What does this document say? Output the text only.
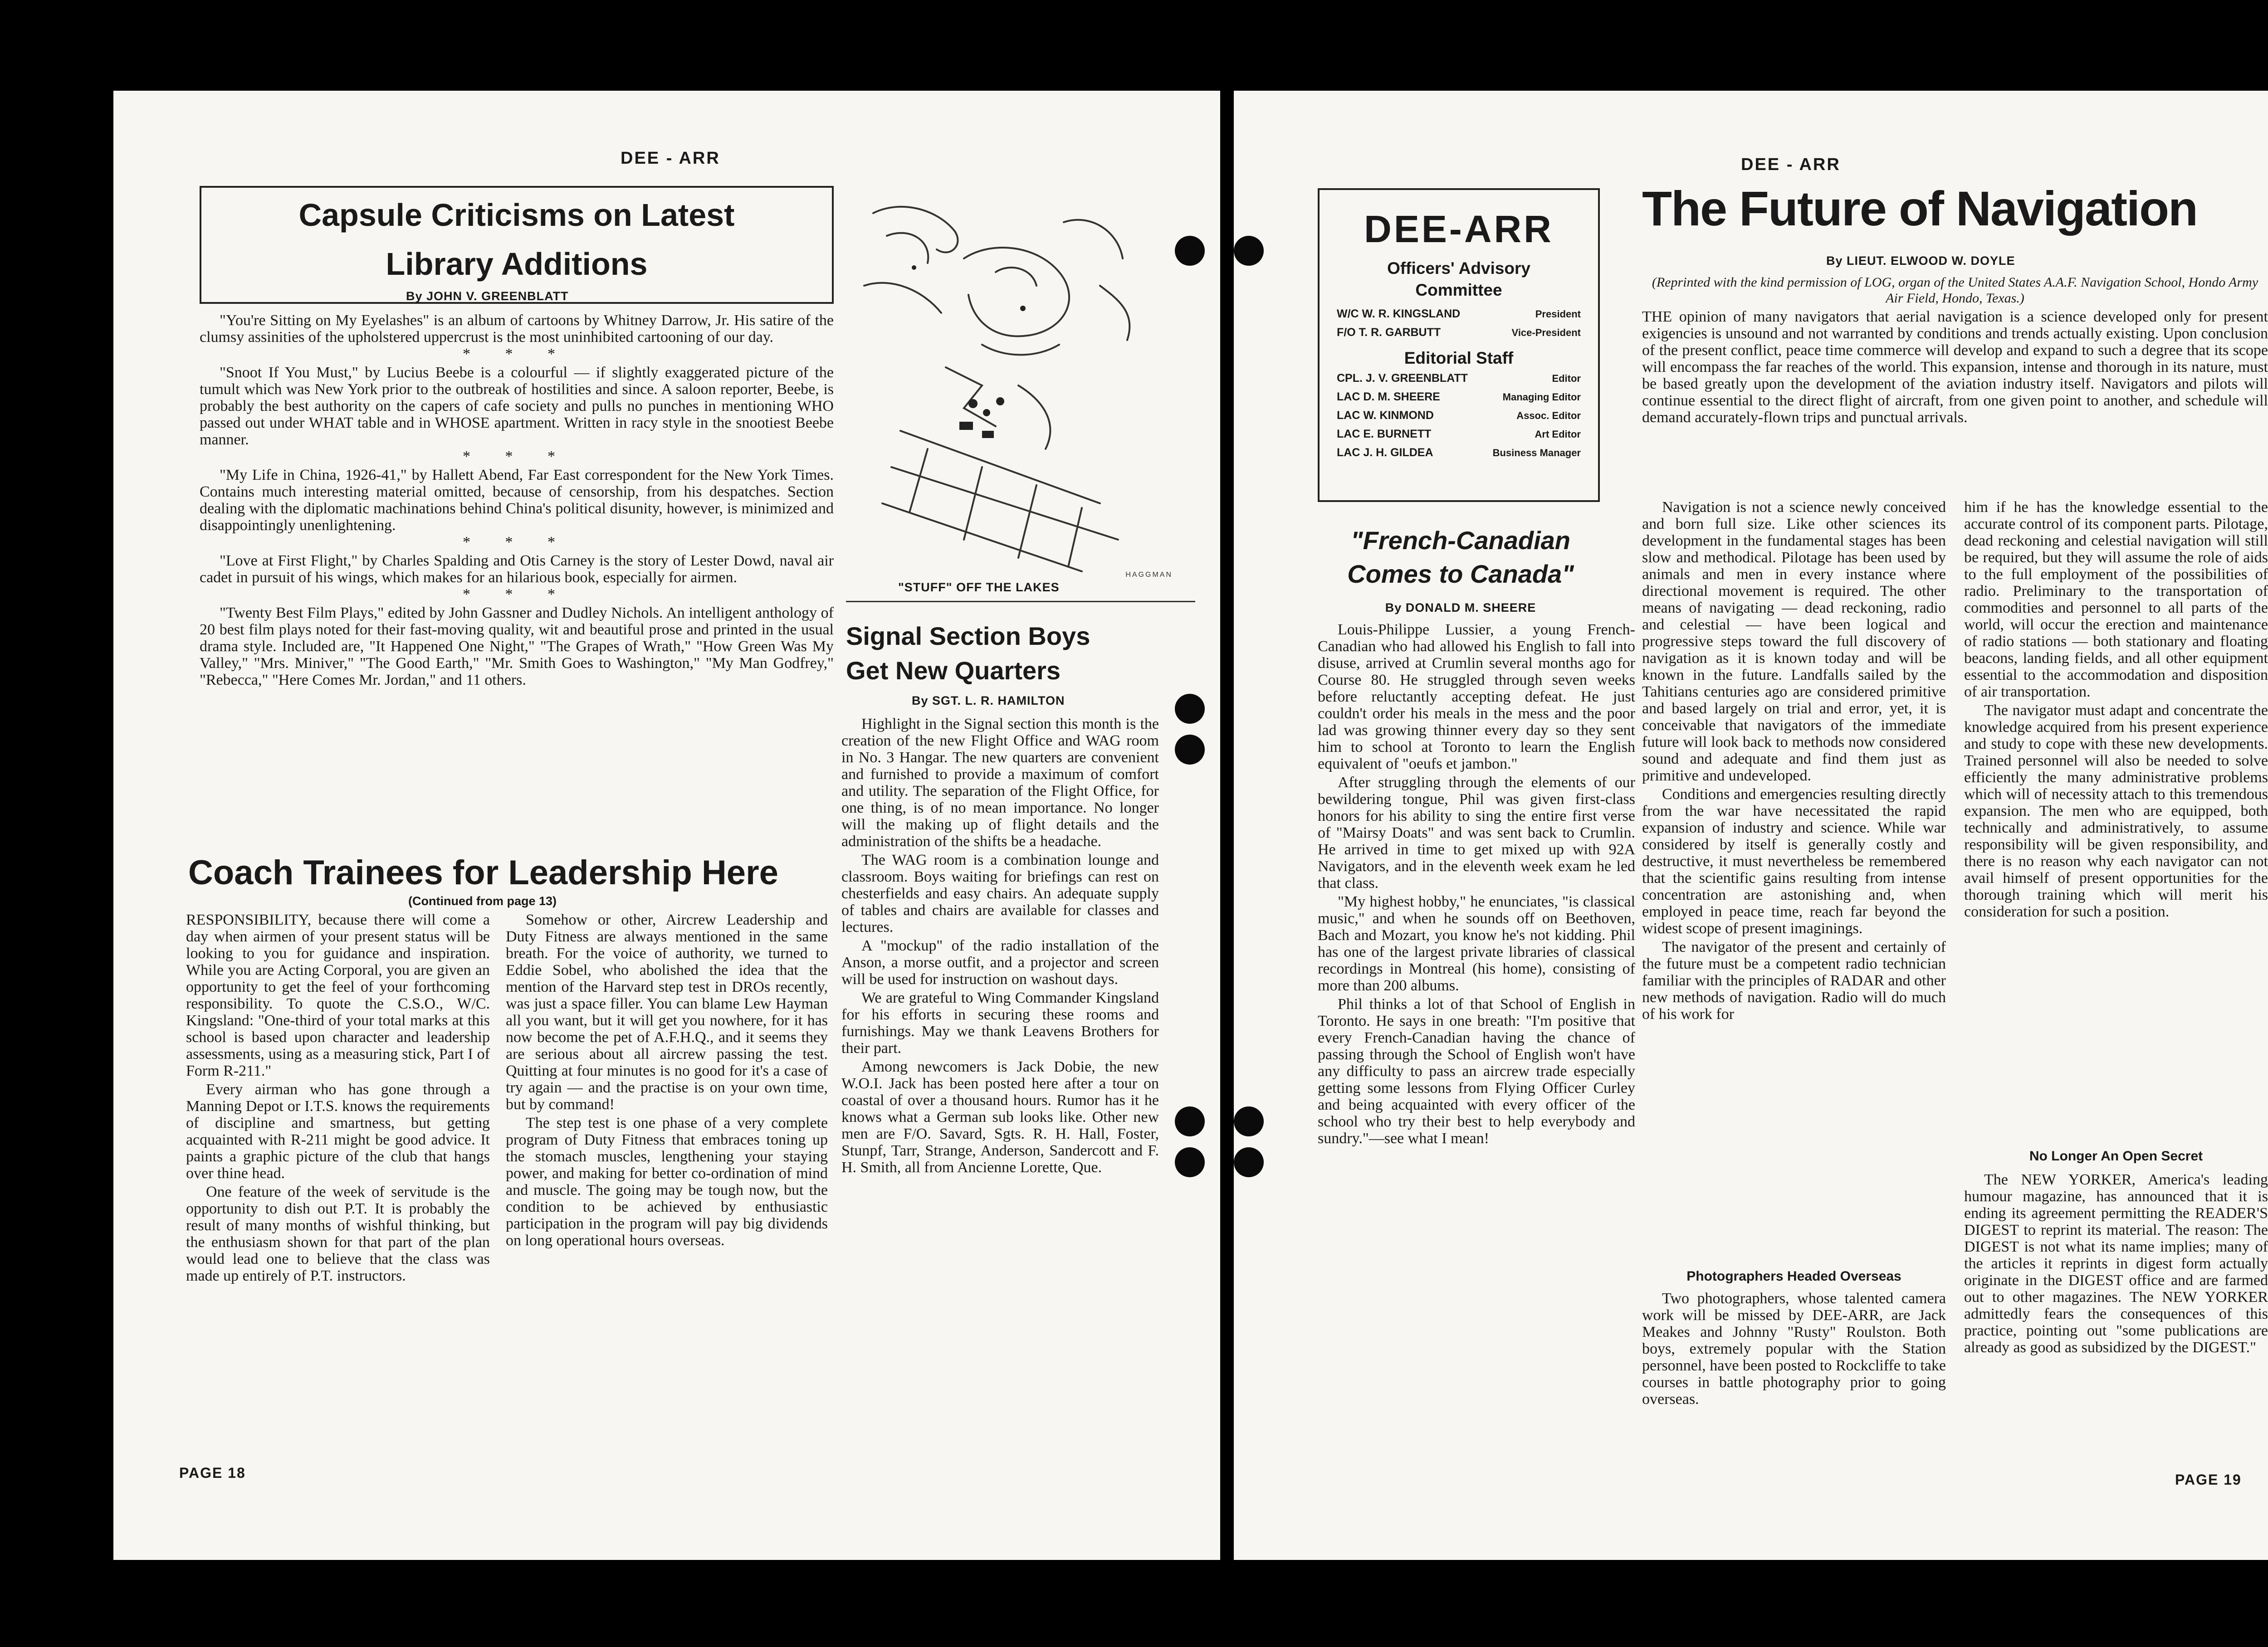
DEE - ARR
Capsule Criticisms on Latest
Library Additions
By JOHN V. GREENBLATT

"You're Sitting on My Eyelashes" is an album of cartoons by Whitney Darrow, Jr. His satire of the clumsy assinities of the upholstered uppercrust is the most uninhibited cartooning of our day.

* * *

"Snoot If You Must," by Lucius Beebe is a colourful — if slightly exaggerated picture of the tumult which was New York prior to the outbreak of hostilities and since. A saloon reporter, Beebe, is probably the best authority on the capers of cafe society and pulls no punches in mentioning WHO passed out under WHAT table and in WHOSE apartment. Written in racy style in the snootiest Beebe manner.

* * *

"My Life in China, 1926-41," by Hallett Abend, Far East correspondent for the New York Times. Contains much interesting material omitted, because of censorship, from his despatches. Section dealing with the diplomatic machinations behind China's political disunity, however, is minimized and disappointingly unenlightening.

* * *

"Love at First Flight," by Charles Spalding and Otis Carney is the story of Lester Dowd, naval air cadet in pursuit of his wings, which makes for an hilarious book, especially for airmen.

* * *

"Twenty Best Film Plays," edited by John Gassner and Dudley Nichols. An intelligent anthology of 20 best film plays noted for their fast-moving quality, wit and beautiful prose and printed in the usual drama style. Included are, "It Happened One Night," "The Grapes of Wrath," "How Green Was My Valley," "Mrs. Miniver," "The Good Earth," "Mr. Smith Goes to Washington," "My Man Godfrey," "Rebecca," "Here Comes Mr. Jordan," and 11 others.

Coach Trainees for Leadership Here
(Continued from page 13)

RESPONSIBILITY, because there will come a day when airmen of your present status will be looking to you for guidance and inspiration. While you are Acting Corporal, you are given an opportunity to get the feel of your forthcoming responsibility. To quote the C.S.O., W/C. Kingsland: "One-third of your total marks at this school is based upon character and leadership assessments, using as a measuring stick, Part I of Form R-211."

Every airman who has gone through a Manning Depot or I.T.S. knows the requirements of discipline and smartness, but getting acquainted with R-211 might be good advice. It paints a graphic picture of the club that hangs over thine head.

One feature of the week of servitude is the opportunity to dish out P.T. It is probably the result of many months of wishful thinking, but the enthusiasm shown for that part of the plan would lead one to believe that the class was made up entirely of P.T. instructors.

Somehow or other, Aircrew Leadership and Duty Fitness are always mentioned in the same breath. For the voice of authority, we turned to Eddie Sobel, who abolished the idea that the mention of the Harvard step test in DROs recently, was just a space filler. You can blame Lew Hayman all you want, but it will get you nowhere, for it has now become the pet of A.F.H.Q., and it seems they are serious about all aircrew passing the test. Quitting at four minutes is no good for it's a case of try again — and the practise is on your own time, but by command!

The step test is one phase of a very complete program of Duty Fitness that embraces toning up the stomach muscles, lengthening your staying power, and making for better co-ordination of mind and muscle. The going may be tough now, but the condition to be achieved by enthusiastic participation in the program will pay big dividends on long operational hours overseas.

HAGGMAN
"STUFF" OFF THE LAKES
Signal Section Boys
Get New Quarters
By SGT. L. R. HAMILTON

Highlight in the Signal section this month is the creation of the new Flight Office and WAG room in No. 3 Hangar. The new quarters are convenient and furnished to provide a maximum of comfort and utility. The separation of the Flight Office, for one thing, is of no mean importance. No longer will the making up of flight details and the administration of the shifts be a headache.

The WAG room is a combination lounge and classroom. Boys waiting for briefings can rest on chesterfields and easy chairs. An adequate supply of tables and chairs are available for classes and lectures.

A "mockup" of the radio installation of the Anson, a morse outfit, and a projector and screen will be used for instruction on washout days.

We are grateful to Wing Commander Kingsland for his efforts in securing these rooms and furnishings. May we thank Leavens Brothers for their part.

Among newcomers is Jack Dobie, the new W.O.I. Jack has been posted here after a tour on coastal of over a thousand hours. Rumor has it he knows what a German sub looks like. Other new men are F/O. Savard, Sgts. R. H. Hall, Foster, Stunpf, Tarr, Strange, Anderson, Sandercott and F. H. Smith, all from Ancienne Lorette, Que.

PAGE 18
DEE - ARR
DEE-ARR
Officers' Advisory
Committee
W/C W. R. KINGSLAND	President
F/O T. R. GARBUTT	Vice-President
Editorial Staff
CPL. J. V. GREENBLATT	Editor
LAC D. M. SHEERE	Managing Editor
LAC W. KINMOND	Assoc. Editor
LAC E. BURNETT	Art Editor
LAC J. H. GILDEA	Business Manager
"French-Canadian
Comes to Canada"
By DONALD M. SHEERE

Louis-Philippe Lussier, a young French-Canadian who had allowed his English to fall into disuse, arrived at Crumlin several months ago for Course 80. He struggled through seven weeks before reluctantly accepting defeat. He just couldn't order his meals in the mess and the poor lad was growing thinner every day so they sent him to school at Toronto to learn the English equivalent of "oeufs et jambon."

After struggling through the elements of our bewildering tongue, Phil was given first-class honors for his ability to sing the entire first verse of "Mairsy Doats" and was sent back to Crumlin. He arrived in time to get mixed up with 92A Navigators, and in the eleventh week exam he led that class.

"My highest hobby," he enunciates, "is classical music," and when he sounds off on Beethoven, Bach and Mozart, you know he's not kidding. Phil has one of the largest private libraries of classical recordings in Montreal (his home), consisting of more than 200 albums.

Phil thinks a lot of that School of English in Toronto. He says in one breath: "I'm positive that every French-Canadian having the chance of passing through the School of English won't have any difficulty to pass an aircrew trade especially getting some lessons from Flying Officer Curley and being acquainted with every officer of the school who try their best to help everybody and sundry."—see what I mean!

The Future of Navigation
By LIEUT. ELWOOD W. DOYLE
(Reprinted with the kind permission of LOG, organ of the United States A.A.F. Navigation School, Hondo Army Air Field, Hondo, Texas.)

THE opinion of many navigators that aerial navigation is a science developed only for present exigencies is unsound and not warranted by conditions and trends actually existing. Upon conclusion of the present conflict, peace time commerce will develop and expand to such a degree that its scope will encompass the far reaches of the world. This expansion, intense and thorough in its nature, must be based greatly upon the development of the aviation industry itself. Navigators and pilots will continue essential to the direct flight of aircraft, from one given point to another, and schedule will demand accurately-flown trips and punctual arrivals.

Navigation is not a science newly conceived and born full size. Like other sciences its development in the fundamental stages has been slow and methodical. Pilotage has been used by animals and men in every instance where directional movement is required. The other means of navigating — dead reckoning, radio and celestial — have been logical and progressive steps toward the full discovery of navigation as it is known today and will be known in the future. Landfalls sailed by the Tahitians centuries ago are considered primitive and based largely on trial and error, yet, it is conceivable that navigators of the immediate future will look back to methods now considered sound and adequate and find them just as primitive and undeveloped.

Conditions and emergencies resulting directly from the war have necessitated the rapid expansion of industry and science. While war considered by itself is generally costly and destructive, it must nevertheless be remembered that the scientific gains resulting from intense concentration are astonishing and, when employed in peace time, reach far beyond the widest scope of present imaginings.

The navigator of the present and certainly of the future must be a competent radio technician familiar with the principles of RADAR and other new methods of navigation. Radio will do much of his work for

him if he has the knowledge essential to the accurate control of its component parts. Pilotage, dead reckoning and celestial navigation will still be required, but they will assume the role of aids to the full employment of the possibilities of radio. Preliminary to the transportation of commodities and personnel to all parts of the world, will occur the erection and maintenance of radio stations — both stationary and floating beacons, landing fields, and all other equipment essential to the accommodation and disposition of air transportation.

The navigator must adapt and concentrate the knowledge acquired from his present experience and study to cope with these new developments. Trained personnel will also be needed to solve efficiently the many administrative problems which will of necessity attach to this tremendous expansion. The men who are equipped, both technically and administratively, to assume responsibility will be given responsibility, and there is no reason why each navigator can not avail himself of present opportunities for the thorough training which will merit his consideration for such a position.

Photographers Headed Overseas

Two photographers, whose talented camera work will be missed by DEE-ARR, are Jack Meakes and Johnny "Rusty" Roulston. Both boys, extremely popular with the Station personnel, have been posted to Rockcliffe to take courses in battle photography prior to going overseas.

No Longer An Open Secret

The NEW YORKER, America's leading humour magazine, has announced that it is ending its agreement permitting the READER'S DIGEST to reprint its material. The reason: The DIGEST is not what its name implies; many of the articles it reprints in digest form actually originate in the DIGEST office and are farmed out to other magazines. The NEW YORKER admittedly fears the consequences of this practice, pointing out "some publications are already as good as subsidized by the DIGEST."

PAGE 19
